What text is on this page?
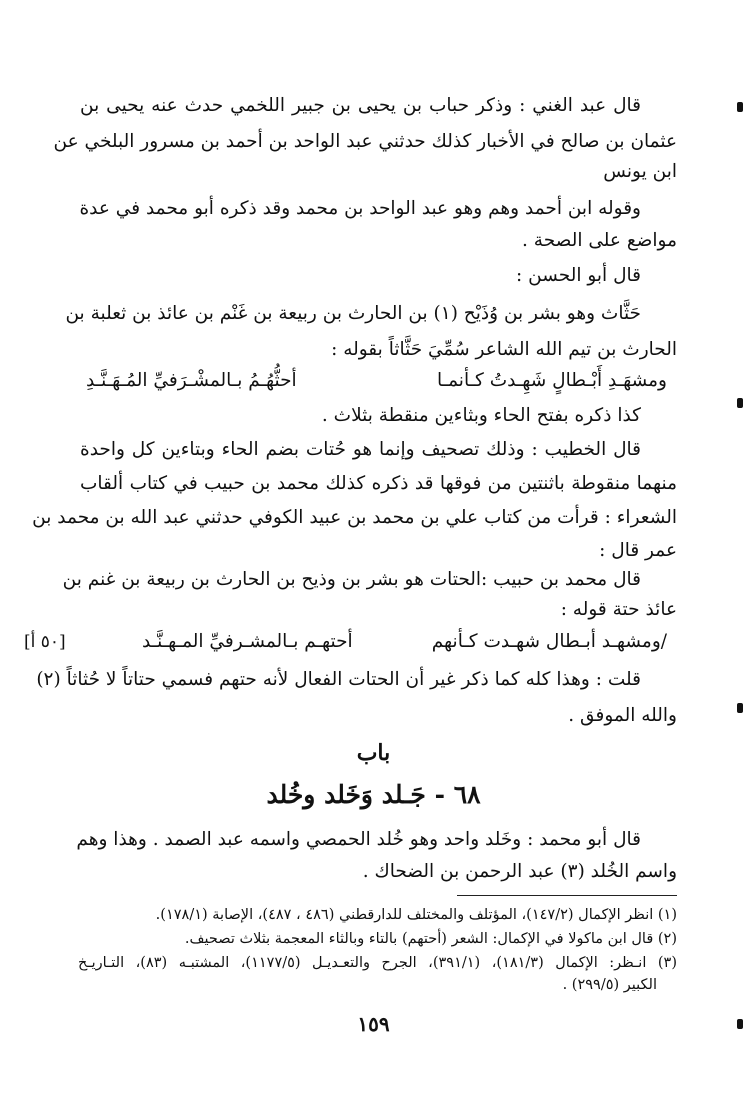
قال عبد الغني : وذكر حباب بن يحيى بن جبير اللخمي حدث عنه يحيى بن
عثمان بن صالح في الأخبار كذلك حدثني عبد الواحد بن أحمد بن مسرور البلخي عن
ابن يونس
وقوله ابن أحمد وهم وهو عبد الواحد بن محمد وقد ذكره أبو محمد في عدة
مواضع على الصحة .
قال أبو الحسن :
حَثَّاث وهو بشر بن وُذَيْح (١) بن الحارث بن ربيعة بن غَنْم بن عائذ بن ثعلبة بن
الحارث بن تيم الله الشاعر سُمِّيَ حَثَّاثاً بقوله :
ومشهَـدِ أَبْـطالٍ شَهِـدتُ كـأنمـا
أحثُّهُـمُ بـالمشْـرَفيِّ المُـهَـنَّـدِ
كذا ذكره بفتح الحاء وبثاءين منقطة بثلاث .
قال الخطيب : وذلك تصحيف وإنما هو حُتات بضم الحاء وبتاءين كل واحدة
منهما منقوطة باثنتين من فوقها قد ذكره كذلك محمد بن حبيب في كتاب ألقاب
الشعراء : قرأت من كتاب علي بن محمد بن عبيد الكوفي حدثني عبد الله بن محمد بن
عمر قال :
قال محمد بن حبيب :الحتات هو بشر بن وذيح بن الحارث بن ربيعة بن غنم بن
عائذ حتة قوله :
/ومشهـد أبـطال شهـدت كـأنهم
أحتهـم بـالمشـرفيِّ المـهـنَّـد
[٥٠ أ]
قلت : وهذا كله كما ذكر غير أن الحتات الفعال لأنه حتهم فسمي حتاتاً لا حُثاثاً (٢)
والله الموفق .
باب
٦٨ - جَـلد وَخَلد وخُلد
قال أبو محمد : وخَلد واحد وهو خُلد الحمصي واسمه عبد الصمد . وهذا وهم
واسم الخُلد (٣) عبد الرحمن بن الضحاك .
(١) انظر الإكمال (١٤٧/٢)، المؤتلف والمختلف للدارقطني (٤٨٦ ، ٤٨٧)، الإصابة (١٧٨/١).
(٢) قال ابن ماكولا في الإكمال: الشعر (أحتهم) بالتاء وبالثاء المعجمة بثلاث تصحيف.
(٣) انـظر: الإكمال (١٨١/٣)، (٣٩١/١)، الجرح والتعـديـل (١١٧٧/٥)، المشتبـه (٨٣)، التـاريـخ
الكبير (٢٩٩/٥) .
١٥٩
